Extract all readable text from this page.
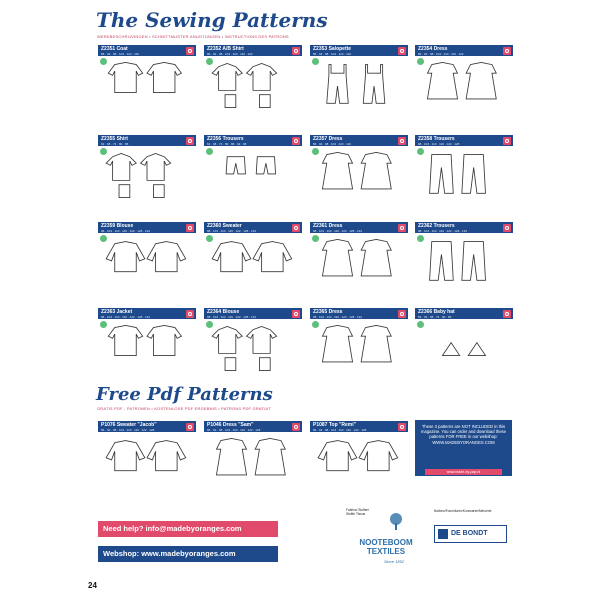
The Sewing Patterns
WERKBESCHRIJVINGEN • SCHNITTMUSTER ANLEITUNGEN • INSTRUCTIONS DES PATRONS
Z2351 Coat
86 · 92 · 98 · 104 · 110 · 116
Z2352 A/B Shirt
86 · 92 · 98 · 104 · 110 · 116 · 122
Z2353 Salopette
86 · 92 · 98 · 104 · 110 · 116
Z2354 Dress
86 · 92 · 98 · 104 · 110 · 116 · 122
Z2355 Shirt
62 · 68 · 74 · 80 · 86
Z2356 Trousers
62 · 68 · 74 · 80 · 86 · 92 · 98
Z2357 Dress
86 · 92 · 98 · 104 · 110 · 116
Z2358 Trousers
98 · 104 · 110 · 116 · 122 · 128
Z2359 Blouse
98 · 104 · 110 · 116 · 122 · 128 · 134
Z2360 Sweater
98 · 104 · 110 · 116 · 122 · 128 · 134
Z2361 Dress
98 · 104 · 110 · 116 · 122 · 128 · 134
Z2362 Trousers
98 · 104 · 110 · 116 · 122 · 128 · 134
Z2363 Jacket
98 · 104 · 110 · 116 · 122 · 128 · 134
Z2364 Blouse
98 · 104 · 110 · 116 · 122 · 128 · 134
Z2365 Dress
98 · 104 · 110 · 116 · 122 · 128 · 134
Z2366 Baby hat
56 · 62 · 68 · 74 · 80 · 86
Free Pdf Patterns
GRATIS PDF - PATRONEN • KOSTENLOSE PDF ERGEBNIS • PATRONS PDF GRATUIT
P1076 Sweater "Jacob"
86 · 92 · 98 · 104 · 110 · 116 · 122 · 128
P1046 Dress "Sam"
86 · 92 · 98 · 104 · 110 · 116 · 122 · 128
P1087 Top "Remi"
86 · 92 · 98 · 104 · 110 · 116 · 122 · 128
These 3 patterns are NOT INCLUDED in this magazine. You can order and download these patterns FOR FREE in our webshop: WWW.MADEBYORANGES.COM
www.made-by-pap.nl
Need help? info@madebyoranges.com
Webshop: www.madebyoranges.com
24
Fabrics/ Stoffen/ Stoffe/ Tissus
NOOTEBOOM TEXTILES
Since 1852
Notions/Fournituren/Kurzwaren/Mercerie
DE BONDT
